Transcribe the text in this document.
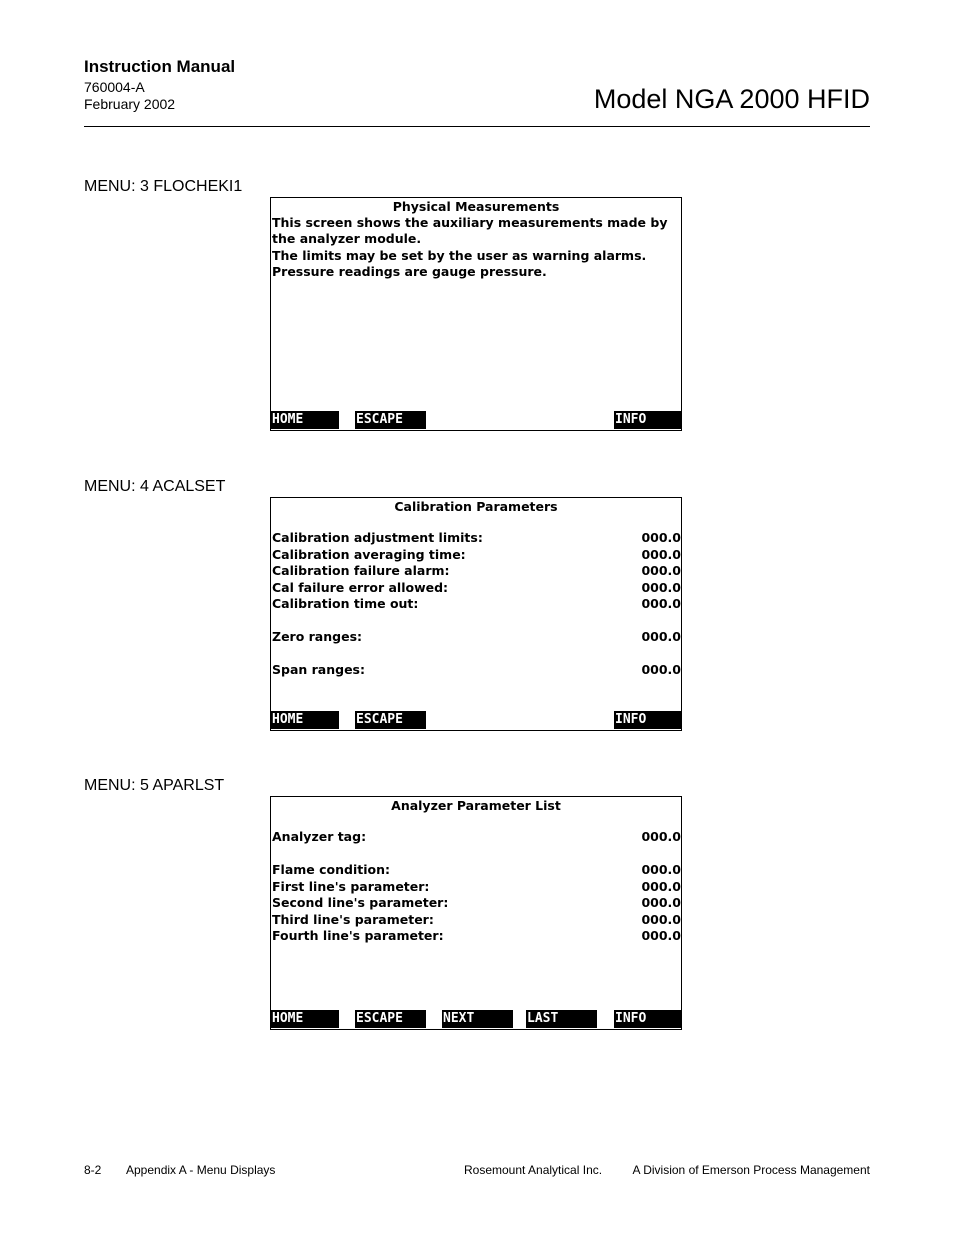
Instruction Manual
760004-A
February 2002	Model NGA 2000 HFID
MENU: 3 FLOCHEKI1
Physical Measurements
This screen shows the auxiliary measurements made by
the analyzer module.
The limits may be set by the user as warning alarms.
Pressure readings are gauge pressure.
HOME	ESCAPE	INFO
MENU: 4 ACALSET
Calibration Parameters
Calibration adjustment limits:	000.0
Calibration averaging time:	000.0
Calibration failure alarm:	000.0
Cal failure error allowed:	000.0
Calibration time out:	000.0
Zero ranges:	000.0
Span ranges:	000.0
HOME	ESCAPE	INFO
MENU: 5 APARLST
Analyzer Parameter List
Analyzer tag:	000.0
Flame condition:	000.0
First line's parameter:	000.0
Second line's parameter:	000.0
Third line's parameter:	000.0
Fourth line's parameter:	000.0
HOME	ESCAPE	NEXT	LAST	INFO
8-2 Appendix A - Menu Displays	Rosemount Analytical Inc.	A Division of Emerson Process Management
